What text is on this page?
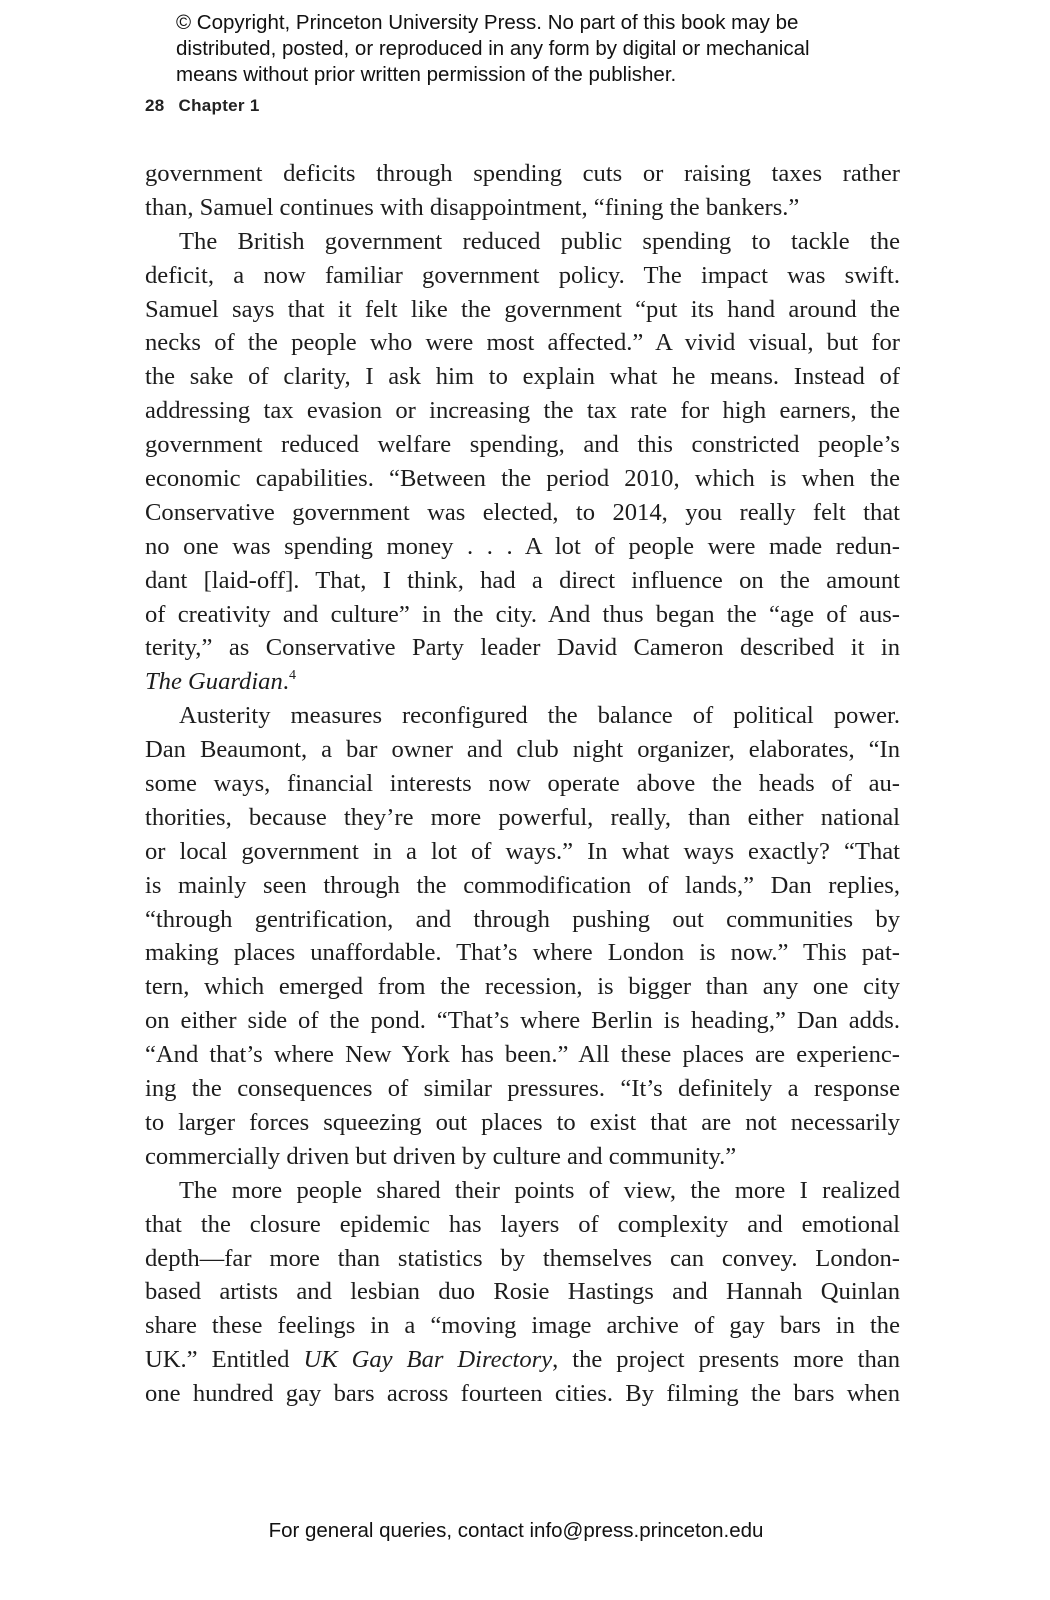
© Copyright, Princeton University Press. No part of this book may be
distributed, posted, or reproduced in any form by digital or mechanical
means without prior written permission of the publisher.
28 Chapter 1
government deficits through spending cuts or raising taxes rather
than, Samuel continues with disappointment, “fining the bankers.”
The British government reduced public spending to tackle the
deficit, a now familiar government policy. The impact was swift.
Samuel says that it felt like the government “put its hand around the
necks of the people who were most affected.” A vivid visual, but for
the sake of clarity, I ask him to explain what he means. Instead of
addressing tax evasion or increasing the tax rate for high earners, the
government reduced welfare spending, and this constricted people’s
economic capabilities. “Between the period 2010, which is when the
Conservative government was elected, to 2014, you really felt that
no one was spending money . . . A lot of people were made redun-
dant [laid-off]. That, I think, had a direct influence on the amount
of creativity and culture” in the city. And thus began the “age of aus-
terity,” as Conservative Party leader David Cameron described it in
The Guardian.$^4$
Austerity measures reconfigured the balance of political power.
Dan Beaumont, a bar owner and club night organizer, elaborates, “In
some ways, financial interests now operate above the heads of au-
thorities, because they’re more powerful, really, than either national
or local government in a lot of ways.” In what ways exactly? “That
is mainly seen through the commodification of lands,” Dan replies,
“through gentrification, and through pushing out communities by
making places unaffordable. That’s where London is now.” This pat-
tern, which emerged from the recession, is bigger than any one city
on either side of the pond. “That’s where Berlin is heading,” Dan adds.
“And that’s where New York has been.” All these places are experienc-
ing the consequences of similar pressures. “It’s definitely a response
to larger forces squeezing out places to exist that are not necessarily
commercially driven but driven by culture and community.”
The more people shared their points of view, the more I realized
that the closure epidemic has layers of complexity and emotional
depth—far more than statistics by themselves can convey. London-
based artists and lesbian duo Rosie Hastings and Hannah Quinlan
share these feelings in a “moving image archive of gay bars in the
UK.” Entitled UK Gay Bar Directory, the project presents more than
one hundred gay bars across fourteen cities. By filming the bars when
For general queries, contact info@press.princeton.edu
